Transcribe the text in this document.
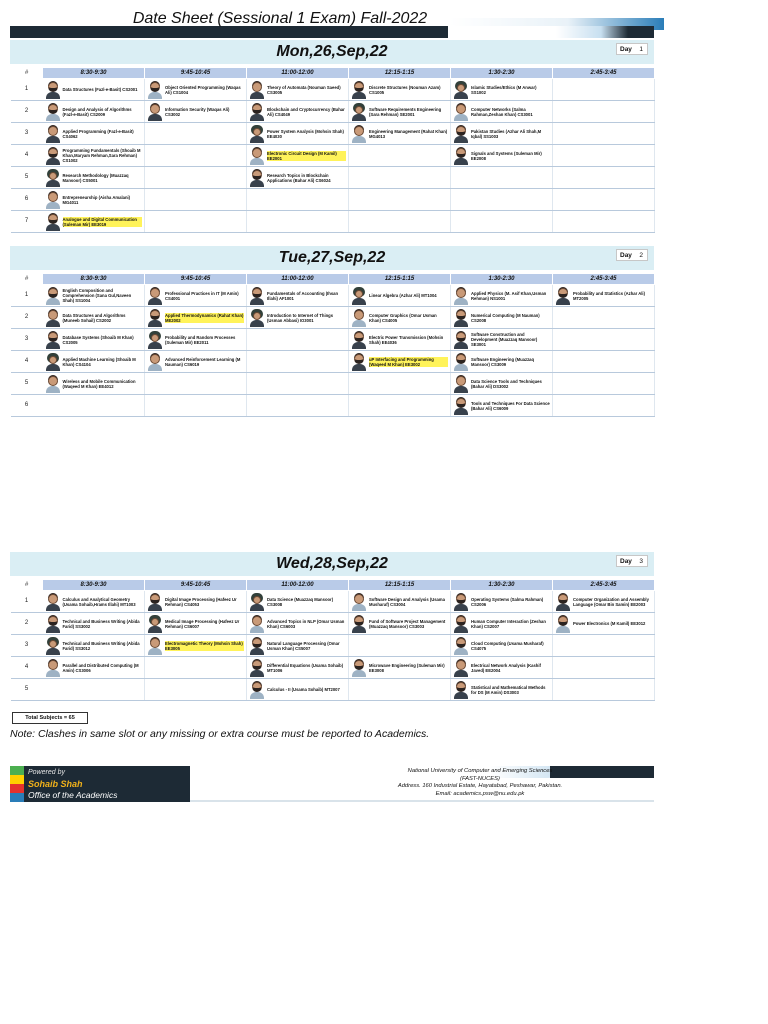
Date Sheet (Sessional 1 Exam) Fall-2022
Mon,26,Sep,22	Day 1
#	8:30-9:30	9:45-10:45	11:00-12:00	12:15-1:15	1:30-2:30	2:45-3:45
1	Data Structures (Fazl-e-Basit) CS2001	Object Oriented Programming (Waqas Ali) CS1004	Theory of Automata (Nouman Saeed) CS3005	Discrete Structures (Nouman Azam) CS1005	Islamic Studies/Ethics (M Anwar) SS1002	

2	Design and Analysis of Algorithms (Fazl-e-Basit) CS2009	Information Security (Waqas Ali) CS3002	Blockchain and Cryptocurrency (Bahar Ali) CS4049	Software Requirements Engineering (Sara Rehman) SE2001	Computer Networks (Salma Rahman,Zeshan Khan) CS3001	

3	Applied Programming (Fazl-e-Basit) CS4062		Power System Analysis (Mohsin Shah) EE4030	Engineering Management (Rahat Khan) MG4013	Pakistan Studies (Azhar Ali Shah,M Iqbal) SS1003	

4	Programming Fundamentals (Shoaib M Khan,Maryam Rehman,Sara Rehman) CS1002		Electronic Circuit Design (M Kamil) EE2001		Signals and Systems (Suleman Mir) EE2008	

5	Research Methodology (Muazzaq Mansoor) CS5001		Research Topics in Blockchain Applications (Bahar Ali) CS6024			

6	Entrepreneurship (Aisha Amalani) MG4011					

7	Analogue and Digital Communication (Suleman Mir) EE3019					

Tue,27,Sep,22	Day 2
#	8:30-9:30	9:45-10:45	11:00-12:00	12:15-1:15	1:30-2:30	2:45-3:45
1	English Composition and Comprehension (Sana Gul,Naveen Shah) SS1004	Professional Practices in IT (M Amin) CS4001	Fundamentals of Accounting (Ihsan Illahi) AF1001	Linear Algebra (Azhar Ali) MT1004	Applied Physics (M. Asif Khan,Usman Rehman) NS1001	Probability and Statistics (Azhar Ali) MT2005

2	Data Structures and Algorithms (Muneeb Sohail) CS2002	Applied Thermodynamics (Rahat Khan) ME2002	Introduction to Internet of Things (Usman Abbasi) IO3001	Computer Graphics (Omar Usman Khan) CS4005	Numerical Computing (M Nauman) CS2008	

3	Database Systems (Shoaib M Khan) CS2005	Probability and Random Processes (Suleman Mir) EE2011		Electric Power Transmission (Mohsin Shah) EE4036	Software Construction and Development (Muazzaq Mansoor) SE3001	

4	Applied Machine Learning (Shoaib M Khan) CS4104	Advanced Reinforcement Learning (M Nauman) CS6019		uP Interfacing and Programming (Waqeed M Khan) EE3002	Software Engineering (Muazzaq Mansoor) CS3009	

5	Wireless and Mobile Communication (Waqeed M Khan) EE4012				Data Science Tools and Techniques (Bahar Ali) DS3002	

6					Tools and Techniques For Data Science (Bahar Ali) CS6009	

Wed,28,Sep,22	Day 3
#	8:30-9:30	9:45-10:45	11:00-12:00	12:15-1:15	1:30-2:30	2:45-3:45
1	Calculus and Analytical Geometry (Usama Sohaib,Hrams Illahi) MT1003	Digital Image Processing (Hafeez Ur Rehman) CS4053	Data Science (Muazzaq Mansoor) CS3008	Software Design and Analysis (Usama Musharaf) CS3004	Operating Systems (Salma Rahman) CS2006	Computer Organization and Assembly Language (Omar Bin Samin) EE2003

2	Technical and Business Writing (Abida Farid) SS3002	Medical Image Processing (Hafeez Ur Rehman) CS6007	Advanced Topics in NLP (Omar Usman Khan) CS6003	Fund of Software Project Management (Muazzaq Mansoor) CS3003	Human Computer Interaction (Zeshan Khan) CS2007	Power Electronics (M Kamil) EE3012

3	Technical and Business Writing (Abida Farid) SS3012	Electromagnetic Theory (Mohsin Shah) EE3005	Natural Language Processing (Omar Usman Khan) CS5007		Cloud Computing (Usama Musharaf) CS4075	

4	Parallel and Distributed Computing (M Amin) CS3006		Differential Equations (Usama Sohaib) MT1006	Microwave Engineering (Suleman Mir) EE3008	Electrical Network Analysis (Kashif Javed) EE2004	

5			Calculus - II (Usama Sohaib) MT2007		Statistical and Mathematical Methods for DS (M Amin) DS3003	

Total Subjects = 65
Note: Clashes in same slot or any missing or extra course must be reported to Academics.
Powered by
Sohaib Shah
Office of the Academics
National University of Computer and Emerging Sciences
(FAST-NUCES)
Address. 160 Industrial Estate, Hayatabad, Peshawar, Pakistan.
Email: academics.psw@nu.edu.pk
